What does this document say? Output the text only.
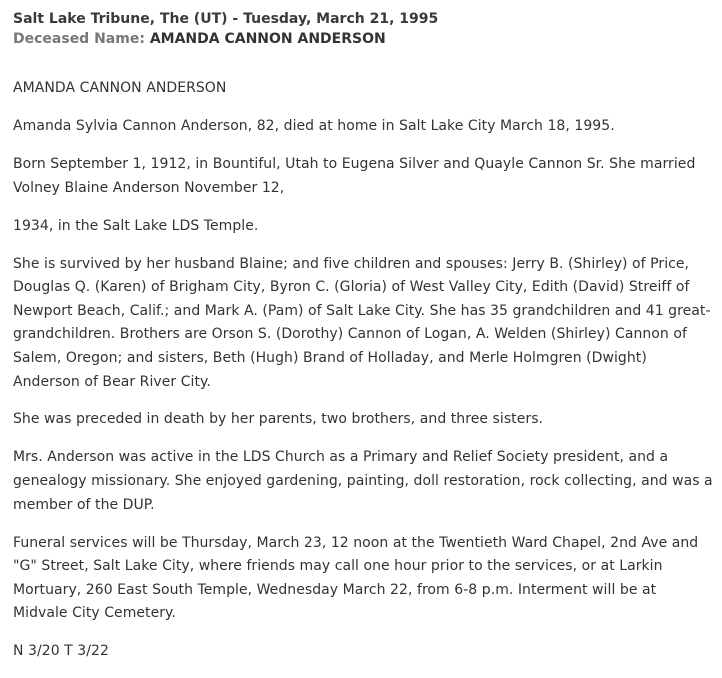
Salt Lake Tribune, The (UT) - Tuesday, March 21, 1995
Deceased Name: AMANDA CANNON ANDERSON

AMANDA CANNON ANDERSON

Amanda Sylvia Cannon Anderson, 82, died at home in Salt Lake City March 18, 1995.

Born September 1, 1912, in Bountiful, Utah to Eugena Silver and Quayle Cannon Sr. She married Volney Blaine Anderson November 12,

1934, in the Salt Lake LDS Temple.

She is survived by her husband Blaine; and five children and spouses: Jerry B. (Shirley) of Price, Douglas Q. (Karen) of Brigham City, Byron C. (Gloria) of West Valley City, Edith (David) Streiff of Newport Beach, Calif.; and Mark A. (Pam) of Salt Lake City. She has 35 grandchildren and 41 great-grandchildren. Brothers are Orson S. (Dorothy) Cannon of Logan, A. Welden (Shirley) Cannon of Salem, Oregon; and sisters, Beth (Hugh) Brand of Holladay, and Merle Holmgren (Dwight) Anderson of Bear River City.

She was preceded in death by her parents, two brothers, and three sisters.

Mrs. Anderson was active in the LDS Church as a Primary and Relief Society president, and a genealogy missionary. She enjoyed gardening, painting, doll restoration, rock collecting, and was a member of the DUP.

Funeral services will be Thursday, March 23, 12 noon at the Twentieth Ward Chapel, 2nd Ave and "G" Street, Salt Lake City, where friends may call one hour prior to the services, or at Larkin Mortuary, 260 East South Temple, Wednesday March 22, from 6-8 p.m. Interment will be at Midvale City Cemetery.

N 3/20 T 3/22
